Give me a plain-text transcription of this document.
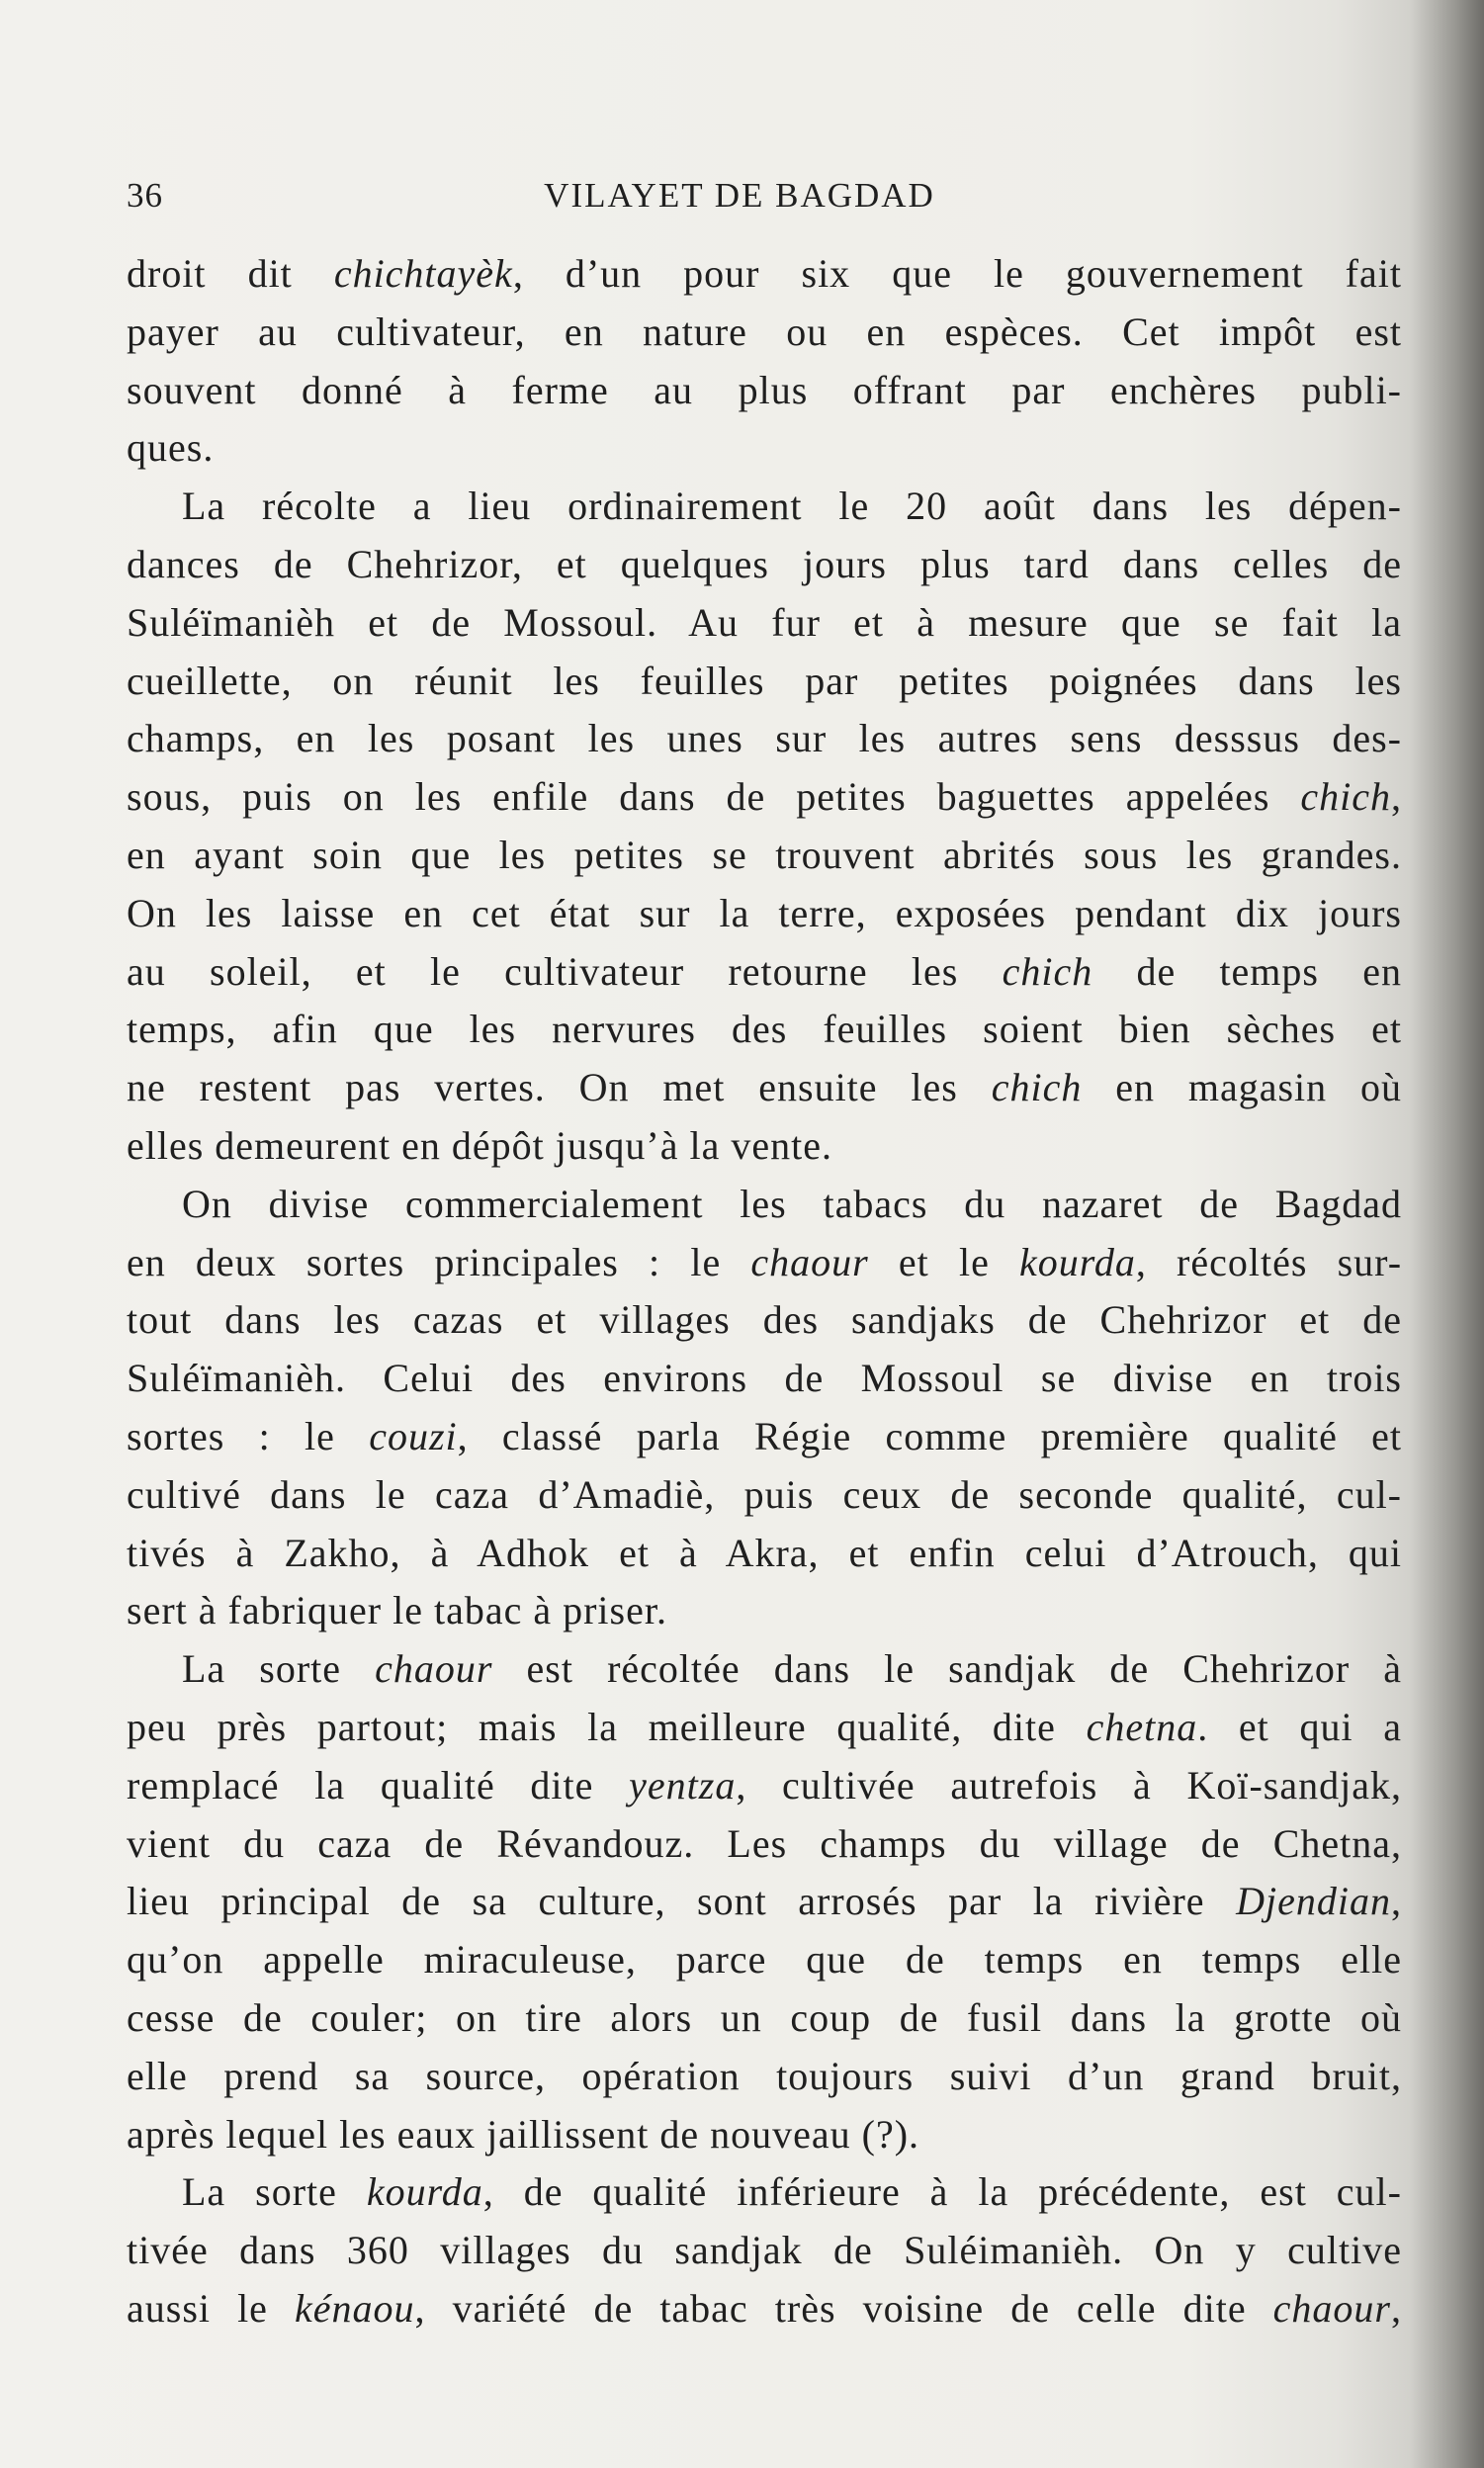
36	VILAYET DE BAGDAD
droit dit chichtayèk, d’un pour six que le gouvernement fait
payer au cultivateur, en nature ou en espèces. Cet impôt est
souvent donné à ferme au plus offrant par enchères publi-
ques.
La récolte a lieu ordinairement le 20 août dans les dépen-
dances de Chehrizor, et quelques jours plus tard dans celles de
Suléïmanièh et de Mossoul. Au fur et à mesure que se fait la
cueillette, on réunit les feuilles par petites poignées dans les
champs, en les posant les unes sur les autres sens desssus des-
sous, puis on les enfile dans de petites baguettes appelées chich,
en ayant soin que les petites se trouvent abrités sous les grandes.
On les laisse en cet état sur la terre, exposées pendant dix jours
au soleil, et le cultivateur retourne les chich de temps en
temps, afin que les nervures des feuilles soient bien sèches et
ne restent pas vertes. On met ensuite les chich en magasin où
elles demeurent en dépôt jusqu’à la vente.
On divise commercialement les tabacs du nazaret de Bagdad
en deux sortes principales : le chaour et le kourda, récoltés sur-
tout dans les cazas et villages des sandjaks de Chehrizor et de
Suléïmanièh. Celui des environs de Mossoul se divise en trois
sortes : le couzi, classé parla Régie comme première qualité et
cultivé dans le caza d’Amadiè, puis ceux de seconde qualité, cul-
tivés à Zakho, à Adhok et à Akra, et enfin celui d’Atrouch, qui
sert à fabriquer le tabac à priser.
La sorte chaour est récoltée dans le sandjak de Chehrizor à
peu près partout; mais la meilleure qualité, dite chetna. et qui a
remplacé la qualité dite yentza, cultivée autrefois à Koï-sandjak,
vient du caza de Révandouz. Les champs du village de Chetna,
lieu principal de sa culture, sont arrosés par la rivière Djendian,
qu’on appelle miraculeuse, parce que de temps en temps elle
cesse de couler; on tire alors un coup de fusil dans la grotte où
elle prend sa source, opération toujours suivi d’un grand bruit,
après lequel les eaux jaillissent de nouveau (?).
La sorte kourda, de qualité inférieure à la précédente, est cul-
tivée dans 360 villages du sandjak de Suléimanièh. On y cultive
aussi le kénaou, variété de tabac très voisine de celle dite chaour,
